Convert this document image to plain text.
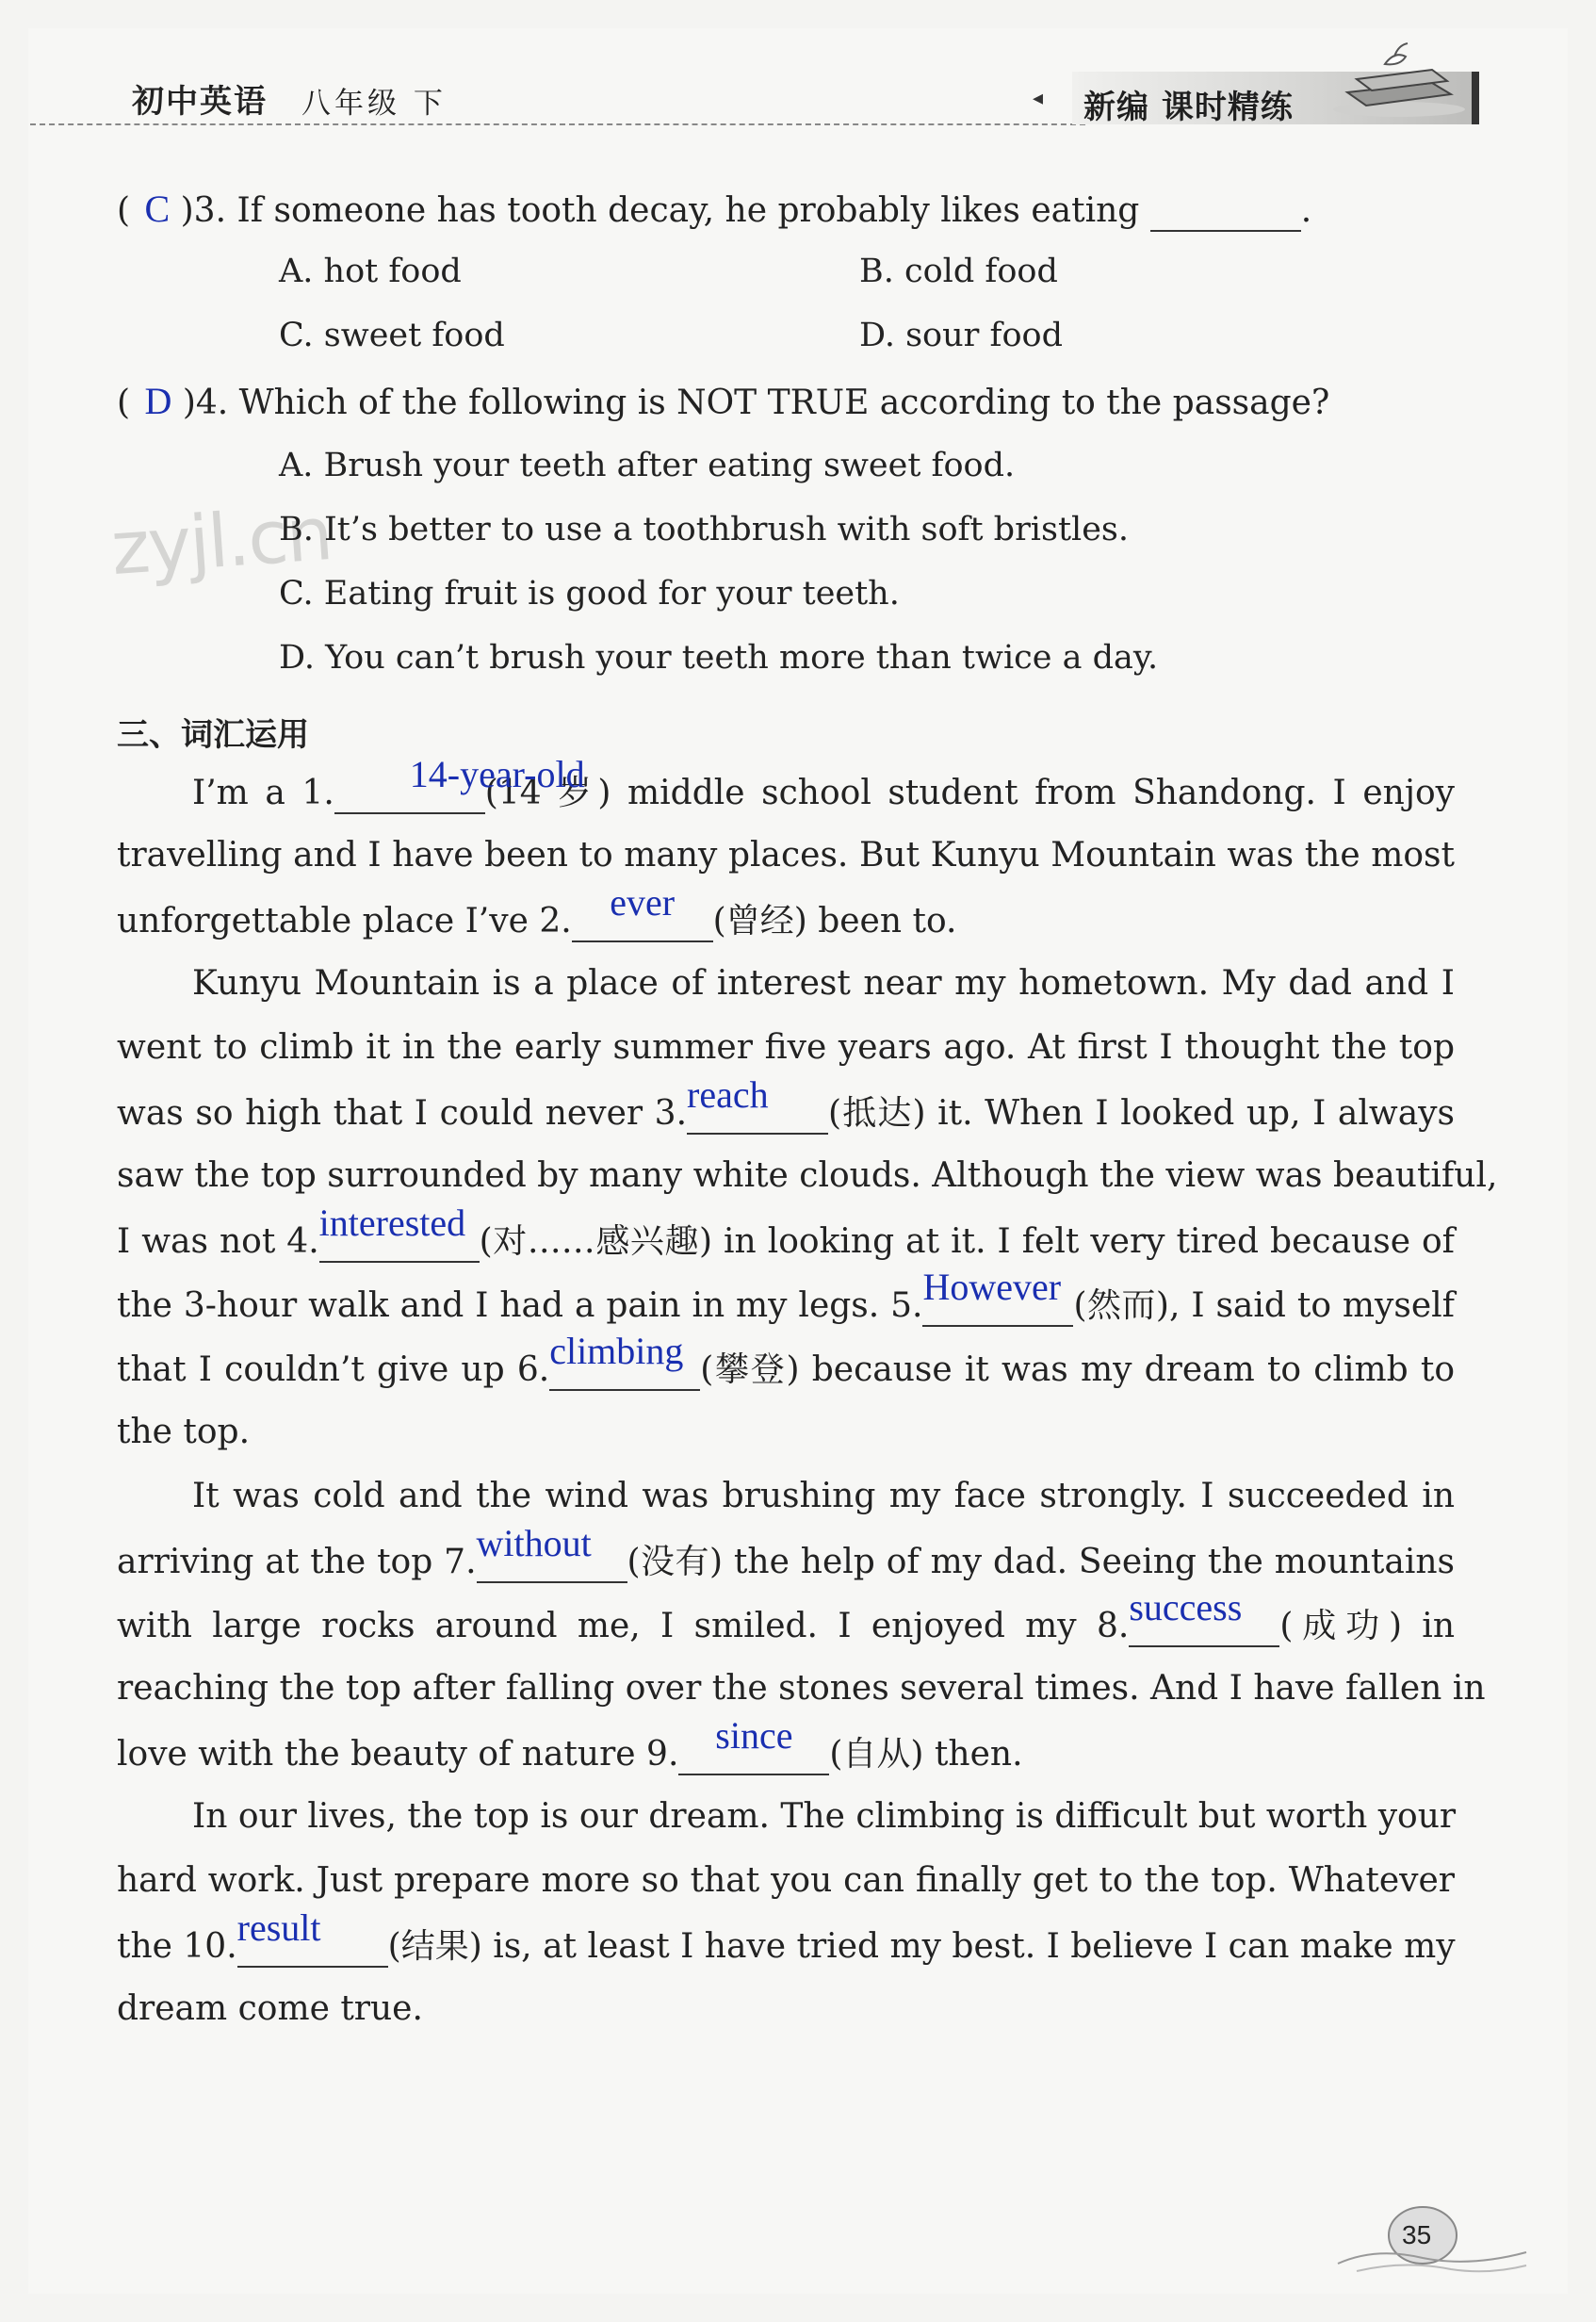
初中英语 八年级 下	◂ 新编 课时精练
zyjl.cn
( C )3. If someone has tooth decay, he probably likes eating	.
A. hot food	B. cold food
C. sweet food	D. sour food
( D )4. Which of the following is NOT TRUE according to the passage?
A. Brush your teeth after eating sweet food.
B. It’s better to use a toothbrush with soft bristles.
C. Eating fruit is good for your teeth.
D. You can’t brush your teeth more than twice a day.
三、词汇运用
I’m a 1. 14-year-old(14 岁) middle school student from Shandong. I enjoy
travelling and I have been to many places. But Kunyu Mountain was the most
unforgettable place I’ve 2. ever (曾经) been to.
Kunyu Mountain is a place of interest near my hometown. My dad and I
went to climb it in the early summer five years ago. At first I thought the top
was so high that I could never 3.reach (抵达) it. When I looked up, I always
saw the top surrounded by many white clouds. Although the view was beautiful,
I was not 4.interested (对……感兴趣) in looking at it. I felt very tired because of
the 3-hour walk and I had a pain in my legs. 5.However (然而), I said to myself
that I couldn’t give up 6.climbing (攀登) because it was my dream to climb to
the top.
It was cold and the wind was brushing my face strongly. I succeeded in
arriving at the top 7.without (没有) the help of my dad. Seeing the mountains
with large rocks around me, I smiled. I enjoyed my 8.success (成功) in
reaching the top after falling over the stones several times. And I have fallen in
love with the beauty of nature 9. since (自从) then.
In our lives, the top is our dream. The climbing is difficult but worth your
hard work. Just prepare more so that you can finally get to the top. Whatever
the 10.result (结果) is, at least I have tried my best. I believe I can make my
dream come true.
35
